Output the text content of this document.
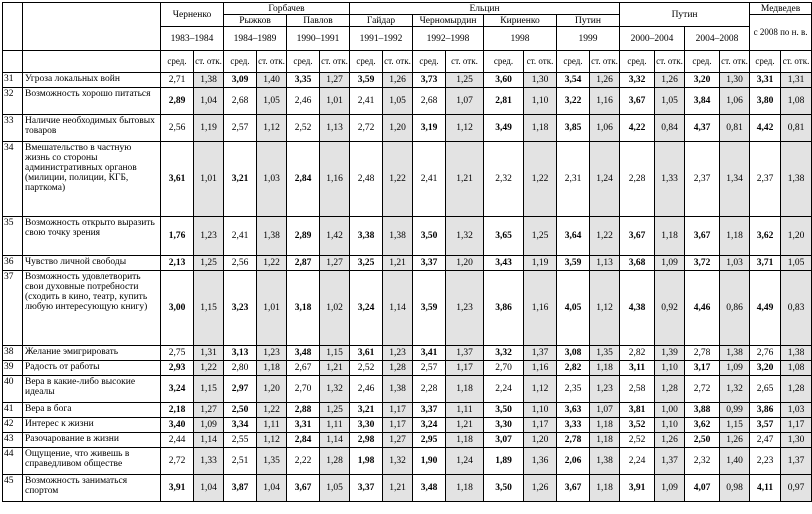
		Черненко		Горбачев				Ельцин								Путин				Медведев	
				Рыжков		Павлов		Гайдар		Черномырдин		Кириенко		Путин						с 2008 по н. в.	
		1983–1984		1984–1989		1990–1991		1991–1992		1992–1998		1998		1999		2000–2004		2004–2008			
		сред.	ст. отк.	сред.	ст. отк.	сред.	ст. отк.	сред.	ст. отк.	сред.	ст. отк.	сред.	ст. отк.	сред.	ст. отк.	сред.	ст. отк.	сред.	ст. отк.	сред.	ст. отк.
31	Угроза локальных войн	2,71	1,38	3,09	1,40	3,35	1,27	3,59	1,26	3,73	1,25	3,60	1,30	3,54	1,26	3,32	1,26	3,20	1,30	3,31	1,31
32	Возможность хорошо питаться	2,89	1,04	2,68	1,05	2,46	1,01	2,41	1,05	2,68	1,07	2,81	1,10	3,22	1,16	3,67	1,05	3,84	1,06	3,80	1,08
33	Наличие необходимых бытовых товаров	2,56	1,19	2,57	1,12	2,52	1,13	2,72	1,20	3,19	1,12	3,49	1,18	3,85	1,06	4,22	0,84	4,37	0,81	4,42	0,81
34	Вмешательство в частную жизнь со стороны административных органов (милиции, полиции, КГБ, парткома)	3,61	1,01	3,21	1,03	2,84	1,16	2,48	1,22	2,41	1,21	2,32	1,22	2,31	1,24	2,28	1,33	2,37	1,34	2,37	1,38
35	Возможность открыто выразить свою точку зрения	1,76	1,23	2,41	1,38	2,89	1,42	3,38	1,38	3,50	1,32	3,65	1,25	3,64	1,22	3,67	1,18	3,67	1,18	3,62	1,20
36	Чувство личной свободы	2,13	1,25	2,56	1,22	2,87	1,27	3,25	1,21	3,37	1,20	3,43	1,19	3,59	1,13	3,68	1,09	3,72	1,03	3,71	1,05
37	Возможность удовлетворить свои духовные потребности (сходить в кино, театр, купить любую интересующую книгу)	3,00	1,15	3,23	1,01	3,18	1,02	3,24	1,14	3,59	1,23	3,86	1,16	4,05	1,12	4,38	0,92	4,46	0,86	4,49	0,83
38	Желание эмигрировать	2,75	1,31	3,13	1,23	3,48	1,15	3,61	1,23	3,41	1,37	3,32	1,37	3,08	1,35	2,82	1,39	2,78	1,38	2,76	1,38
39	Радость от работы	2,93	1,22	2,80	1,18	2,67	1,21	2,52	1,28	2,57	1,17	2,70	1,16	2,82	1,18	3,11	1,10	3,17	1,09	3,20	1,08
40	Вера в какие-либо высокие идеалы	3,24	1,15	2,97	1,20	2,70	1,32	2,46	1,38	2,28	1,18	2,24	1,12	2,35	1,23	2,58	1,28	2,72	1,32	2,65	1,28
41	Вера в бога	2,18	1,27	2,50	1,22	2,88	1,25	3,21	1,17	3,37	1,11	3,50	1,10	3,63	1,07	3,81	1,00	3,88	0,99	3,86	1,03
42	Интерес к жизни	3,40	1,09	3,34	1,11	3,31	1,11	3,30	1,17	3,24	1,21	3,30	1,17	3,33	1,18	3,52	1,10	3,62	1,15	3,57	1,17
43	Разочарование в жизни	2,44	1,14	2,55	1,12	2,84	1,14	2,98	1,27	2,95	1,18	3,07	1,20	2,78	1,18	2,52	1,26	2,50	1,26	2,47	1,30
44	Ощущение, что живешь в справедливом обществе	2,72	1,33	2,51	1,35	2,22	1,28	1,98	1,32	1,90	1,24	1,89	1,36	2,06	1,38	2,24	1,37	2,32	1,40	2,23	1,37
45	Возможность заниматься спортом	3,91	1,04	3,87	1,04	3,67	1,05	3,37	1,21	3,48	1,18	3,50	1,26	3,67	1,18	3,91	1,09	4,07	0,98	4,11	0,97
